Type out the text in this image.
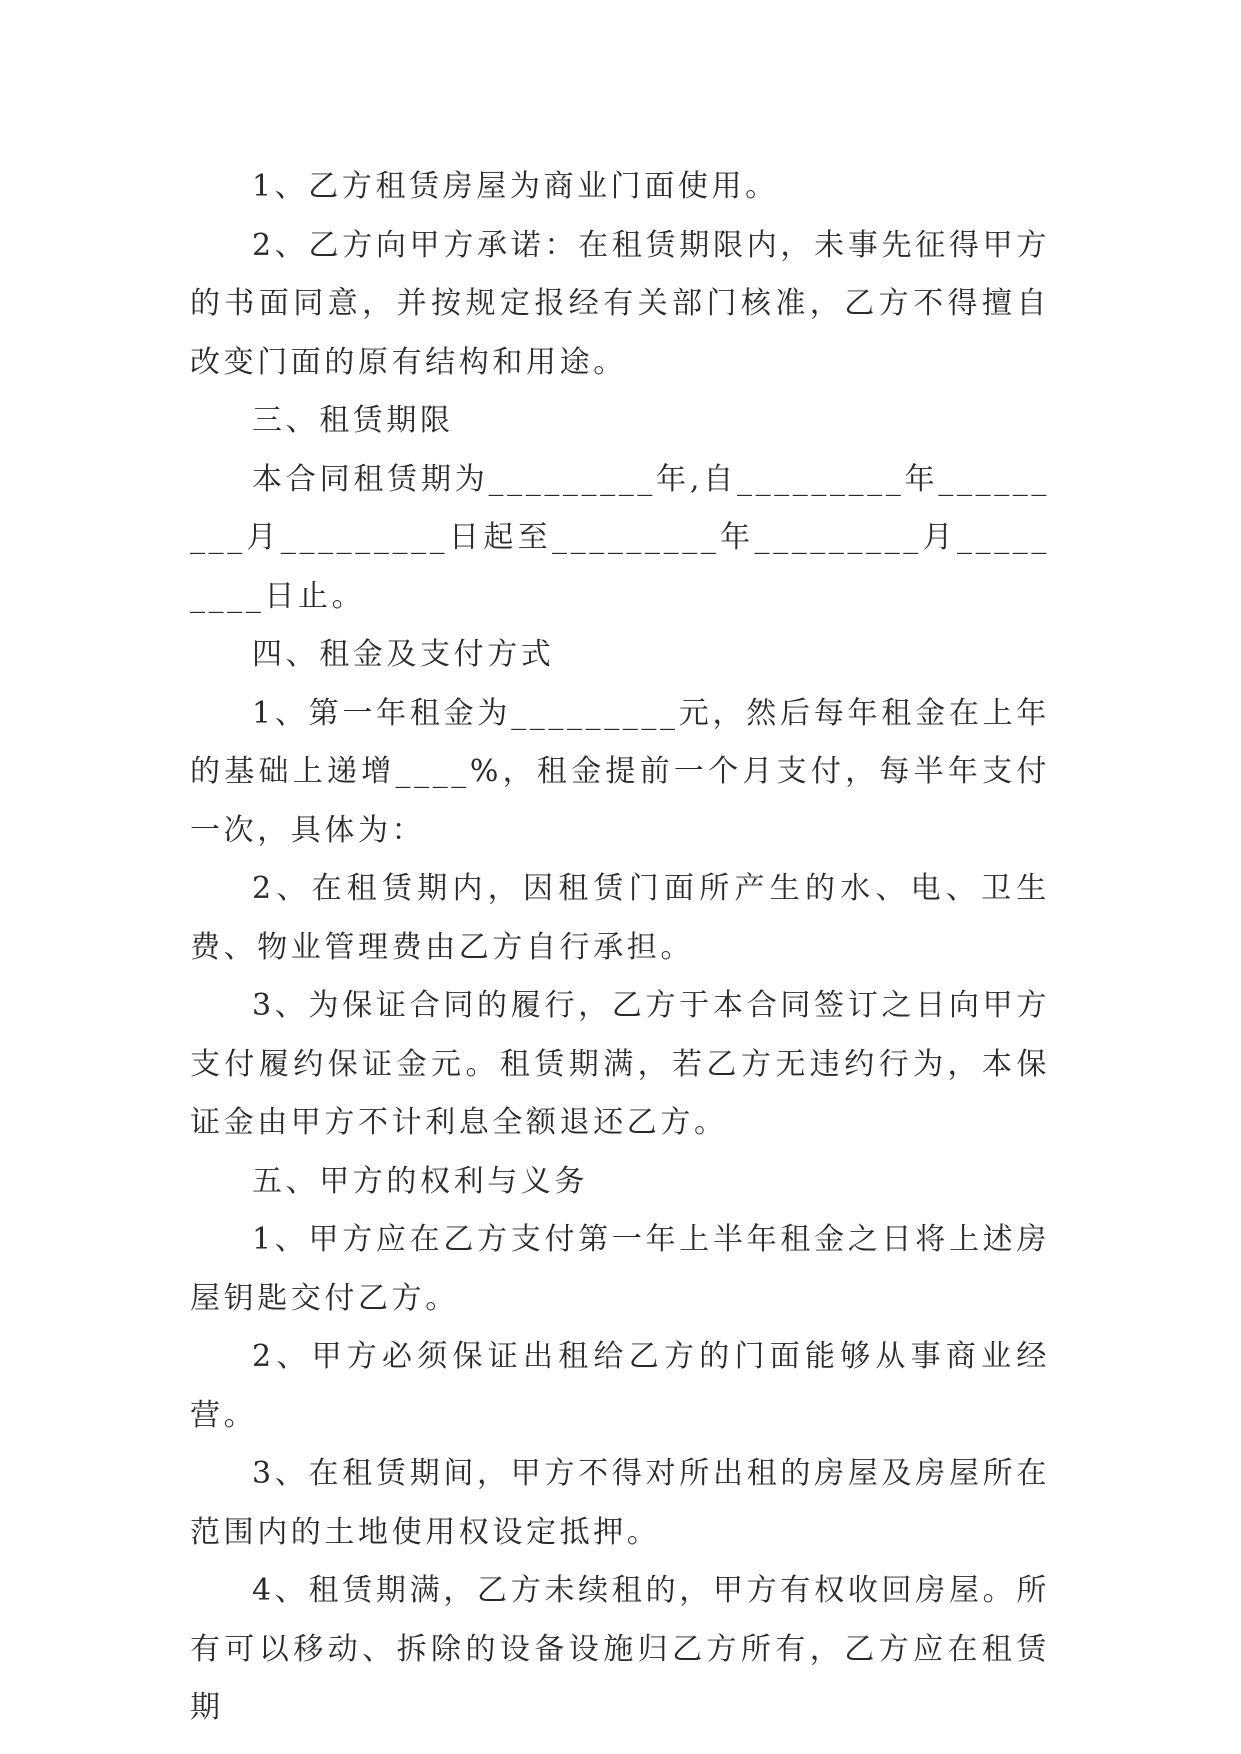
1、乙方租赁房屋为商业门面使用。

2、乙方向甲方承诺：在租赁期限内，未事先征得甲方的书面同意，并按规定报经有关部门核准，乙方不得擅自改变门面的原有结构和用途。

三、租赁期限

本合同租赁期为_________年,自_________年_________月_________日起至_________年_________月_________日止。

四、租金及支付方式

1、第一年租金为_________元，然后每年租金在上年的基础上递增____%，租金提前一个月支付，每半年支付一次，具体为：

2、在租赁期内，因租赁门面所产生的水、电、卫生费、物业管理费由乙方自行承担。

3、为保证合同的履行，乙方于本合同签订之日向甲方支付履约保证金元。租赁期满，若乙方无违约行为，本保证金由甲方不计利息全额退还乙方。

五、甲方的权利与义务

1、甲方应在乙方支付第一年上半年租金之日将上述房屋钥匙交付乙方。

2、甲方必须保证出租给乙方的门面能够从事商业经营。

3、在租赁期间，甲方不得对所出租的房屋及房屋所在范围内的土地使用权设定抵押。

4、租赁期满，乙方未续租的，甲方有权收回房屋。所有可以移动、拆除的设备设施归乙方所有，乙方应在租赁期
